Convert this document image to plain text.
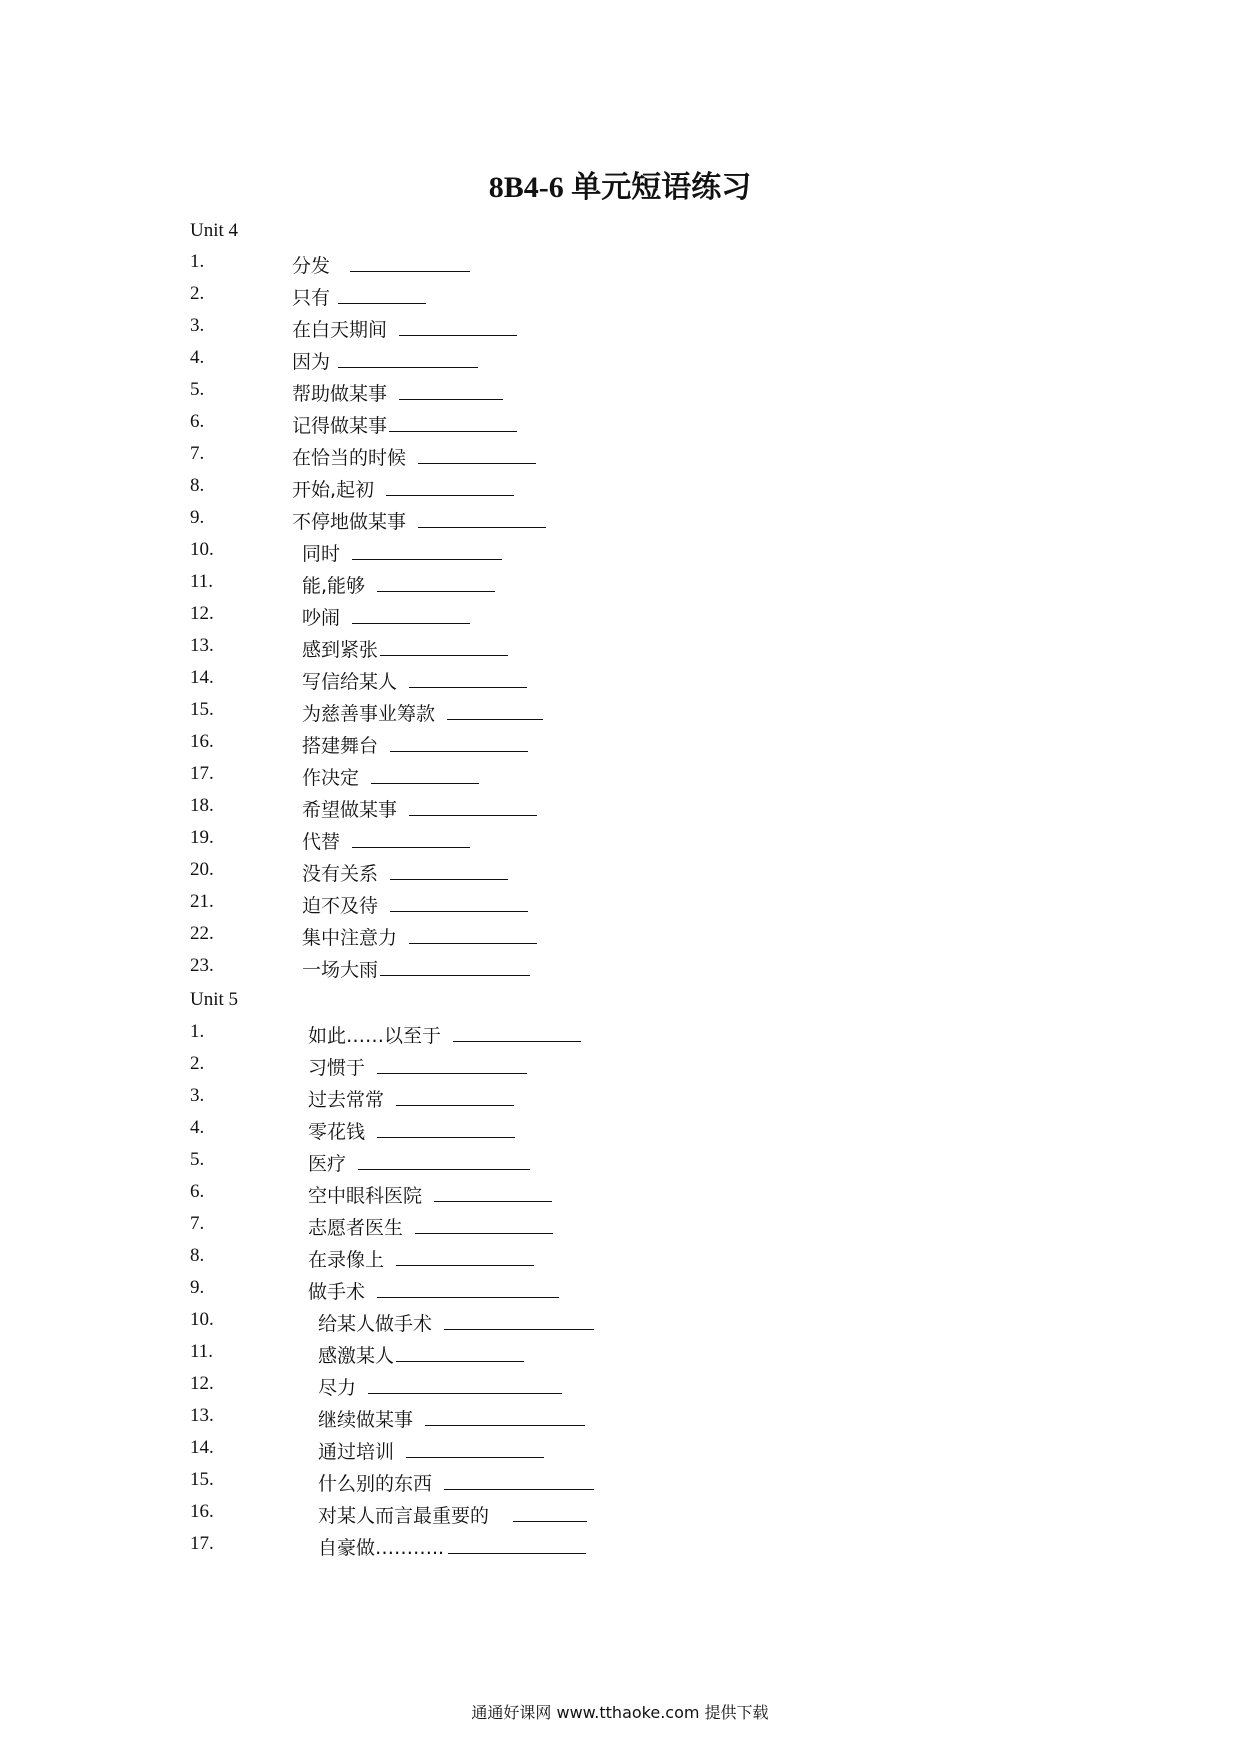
8B4-6 单元短语练习
Unit 4
1.	分发
2.	只有
3.	在白天期间
4.	因为
5.	帮助做某事
6.	记得做某事
7.	在恰当的时候
8.	开始,起初
9.	不停地做某事
10.	同时
11.	能,能够
12.	吵闹
13.	感到紧张
14.	写信给某人
15.	为慈善事业筹款
16.	搭建舞台
17.	作决定
18.	希望做某事
19.	代替
20.	没有关系
21.	迫不及待
22.	集中注意力
23.	一场大雨
Unit 5
1.	如此……以至于
2.	习惯于
3.	过去常常
4.	零花钱
5.	医疗
6.	空中眼科医院
7.	志愿者医生
8.	在录像上
9.	做手术
10.	给某人做手术
11.	感激某人
12.	尽力
13.	继续做某事
14.	通过培训
15.	什么别的东西
16.	对某人而言最重要的
17.	自豪做………..
通通好课网 www.tthaoke.com 提供下载
